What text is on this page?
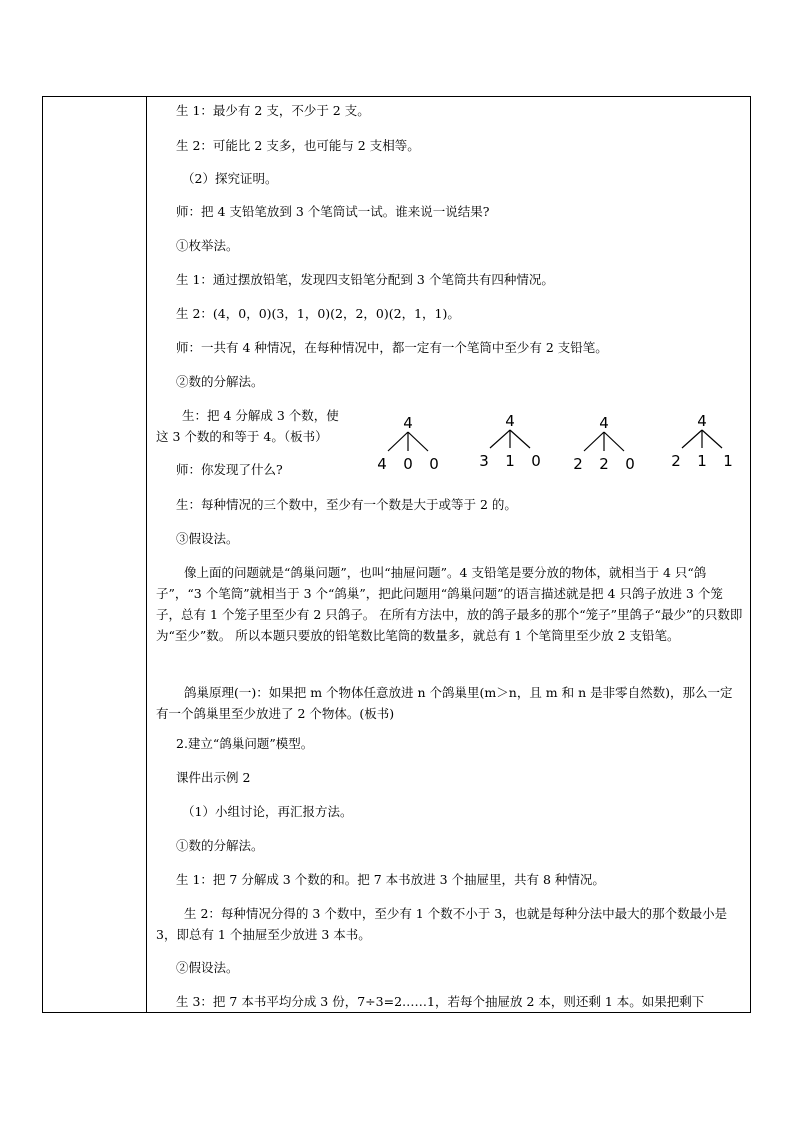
生 1：最少有 2 支，不少于 2 支。
生 2：可能比 2 支多，也可能与 2 支相等。
（2）探究证明。
师：把 4 支铅笔放到 3 个笔筒试一试。谁来说一说结果?
①枚举法。
生 1：通过摆放铅笔，发现四支铅笔分配到 3 个笔筒共有四种情况。
生 2：(4，0，0)(3，1，0)(2，2，0)(2，1，1)。
师：一共有 4 种情况，在每种情况中，都一定有一个笔筒中至少有 2 支铅笔。
②数的分解法。
生：把 4 分解成 3 个数，使
这 3 个数的和等于 4。（板书）
4
4 0 0
4
3 1 0
4
2 2 0
4
2 1 1
师：你发现了什么?
生：每种情况的三个数中，至少有一个数是大于或等于 2 的。
③假设法。
像上面的问题就是“鸽巢问题”，也叫“抽屉问题”。4 支铅笔是要分放的物体，就相当于 4 只“鸽子”，“3 个笔筒”就相当于 3 个“鸽巢”，把此问题用“鸽巢问题”的语言描述就是把 4 只鸽子放进 3 个笼子，总有 1 个笼子里至少有 2 只鸽子。 在所有方法中，放的鸽子最多的那个“笼子”里鸽子“最少”的只数即为“至少”数。 所以本题只要放的铅笔数比笔筒的数量多，就总有 1 个笔筒里至少放 2 支铅笔。
鸽巢原理(一)：如果把 m 个物体任意放进 n 个鸽巢里(m＞n，且 m 和 n 是非零自然数)，那么一定有一个鸽巢里至少放进了 2 个物体。(板书)
2.建立“鸽巢问题”模型。
课件出示例 2
（1）小组讨论，再汇报方法。
①数的分解法。
生 1：把 7 分解成 3 个数的和。把 7 本书放进 3 个抽屉里，共有 8 种情况。
生 2：每种情况分得的 3 个数中，至少有 1 个数不小于 3，也就是每种分法中最大的那个数最小是 3，即总有 1 个抽屉至少放进 3 本书。
②假设法。
生 3：把 7 本书平均分成 3 份，7÷3=2……1，若每个抽屉放 2 本，则还剩 1 本。如果把剩下
